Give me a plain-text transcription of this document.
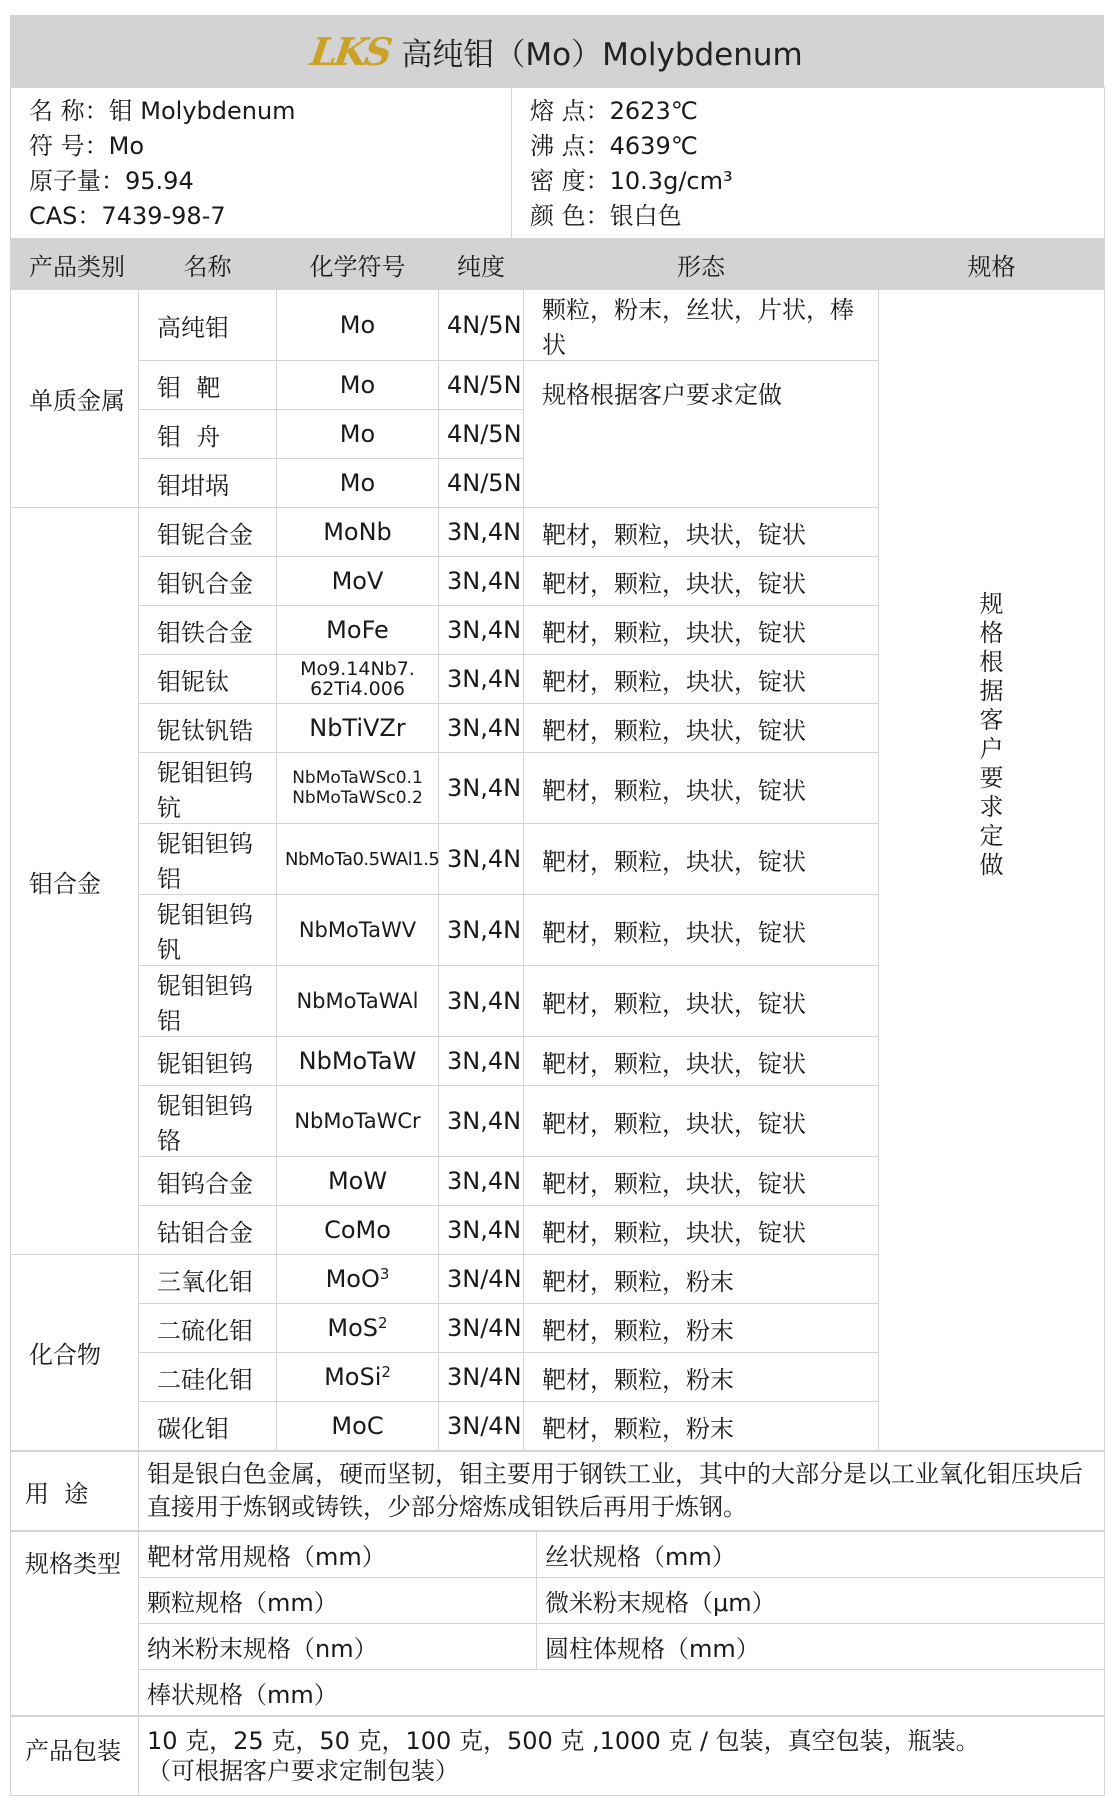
LKS 高纯钼（Mo）Molybdenum
名 称：钼 Molybdenum
符 号：Mo
原子量：95.94
CAS：7439-98-7

熔 点：2623℃
沸 点：4639℃
密 度：10.3g/cm³
颜 色：银白色
产品类别	名称	化学符号	纯度	形态	规格
单质金属	高纯钼	Mo	4N/5N	颗粒，粉末，丝状，片状，棒状	规格根据客户要求定做
	钼  靶	Mo	4N/5N	规格根据客户要求定做	
	钼  舟	Mo	4N/5N		
	钼坩埚	Mo	4N/5N		
钼合金	钼铌合金	MoNb	3N,4N	靶材，颗粒，块状，锭状	
	钼钒合金	MoV	3N,4N	靶材，颗粒，块状，锭状	
	钼铁合金	MoFe	3N,4N	靶材，颗粒，块状，锭状	
	钼铌钛	Mo9.14Nb7.
62Ti4.006	3N,4N	靶材，颗粒，块状，锭状	
	铌钛钒锆	NbTiVZr	3N,4N	靶材，颗粒，块状，锭状	
	铌钼钽钨钪	NbMoTaWSc0.1
NbMoTaWSc0.2	3N,4N	靶材，颗粒，块状，锭状	
	铌钼钽钨铝	NbMoTa0.5WAl1.5	3N,4N	靶材，颗粒，块状，锭状	
	铌钼钽钨钒	NbMoTaWV	3N,4N	靶材，颗粒，块状，锭状	
	铌钼钽钨铝	NbMoTaWAl	3N,4N	靶材，颗粒，块状，锭状	
	铌钼钽钨	NbMoTaW	3N,4N	靶材，颗粒，块状，锭状	
	铌钼钽钨铬	NbMoTaWCr	3N,4N	靶材，颗粒，块状，锭状	
	钼钨合金	MoW	3N,4N	靶材，颗粒，块状，锭状	
	钴钼合金	CoMo	3N,4N	靶材，颗粒，块状，锭状	
化合物	三氧化钼	MoO$^3$	3N/4N	靶材，颗粒，粉末	
	二硫化钼	MoS$^2$	3N/4N	靶材，颗粒，粉末	
	二硅化钼	MoSi$^2$	3N/4N	靶材，颗粒，粉末	
	碳化钼	MoC	3N/4N	靶材，颗粒，粉末	
用  途	钼是银白色金属，硬而坚韧，钼主要用于钢铁工业，其中的大部分是以工业氧化钼压块后直接用于炼钢或铸铁，少部分熔炼成钼铁后再用于炼钢。
规格类型	靶材常用规格（mm）	丝状规格（mm）
	颗粒规格（mm）	微米粉末规格（μm）
	纳米粉末规格（nm）	圆柱体规格（mm）
	棒状规格（mm）	
产品包装	10 克，25 克，50 克，100 克，500 克 ,1000 克 / 包装，真空包装，瓶装。
（可根据客户要求定制包装）
